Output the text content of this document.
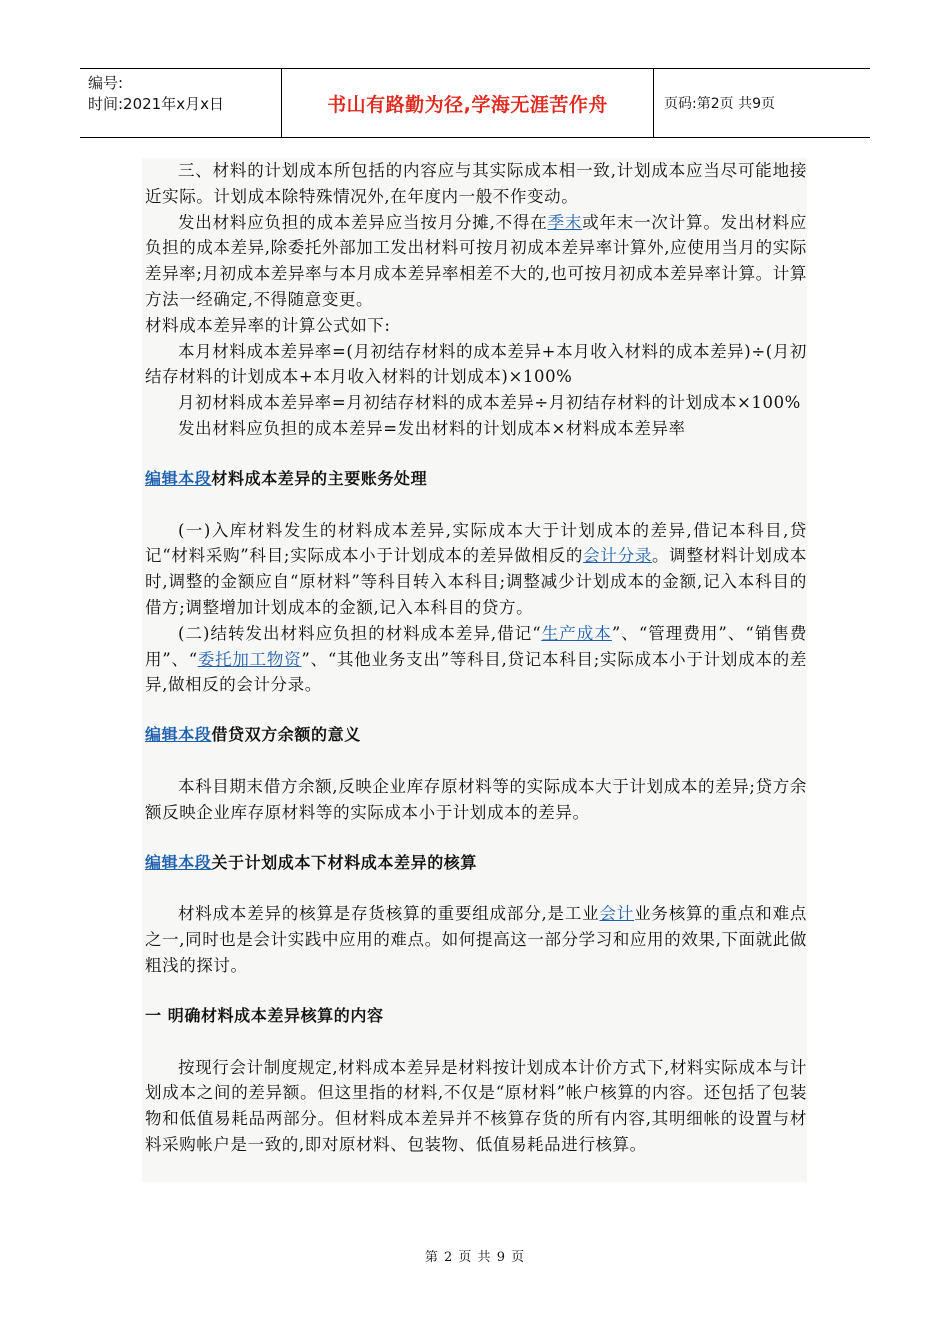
编号:
时间:2021年x月x日	书山有路勤为径,学海无涯苦作舟	页码:第2页 共9页

三、材料的计划成本所包括的内容应与其实际成本相一致,计划成本应当尽可能地接近实际。计划成本除特殊情况外,在年度内一般不作变动。

发出材料应负担的成本差异应当按月分摊,不得在季末或年末一次计算。发出材料应负担的成本差异,除委托外部加工发出材料可按月初成本差异率计算外,应使用当月的实际差异率;月初成本差异率与本月成本差异率相差不大的,也可按月初成本差异率计算。计算方法一经确定,不得随意变更。

材料成本差异率的计算公式如下:

本月材料成本差异率=(月初结存材料的成本差异+本月收入材料的成本差异)÷(月初结存材料的计划成本+本月收入材料的计划成本)×100%

月初材料成本差异率=月初结存材料的成本差异÷月初结存材料的计划成本×100%

发出材料应负担的成本差异=发出材料的计划成本×材料成本差异率

编辑本段材料成本差异的主要账务处理

(一)入库材料发生的材料成本差异,实际成本大于计划成本的差异,借记本科目,贷记“材料采购”科目;实际成本小于计划成本的差异做相反的会计分录。调整材料计划成本时,调整的金额应自“原材料”等科目转入本科目;调整减少计划成本的金额,记入本科目的借方;调整增加计划成本的金额,记入本科目的贷方。

(二)结转发出材料应负担的材料成本差异,借记“生产成本”、“管理费用”、“销售费用”、“委托加工物资”、“其他业务支出”等科目,贷记本科目;实际成本小于计划成本的差异,做相反的会计分录。

编辑本段借贷双方余额的意义

本科目期末借方余额,反映企业库存原材料等的实际成本大于计划成本的差异;贷方余额反映企业库存原材料等的实际成本小于计划成本的差异。

编辑本段关于计划成本下材料成本差异的核算

材料成本差异的核算是存货核算的重要组成部分,是工业会计业务核算的重点和难点之一,同时也是会计实践中应用的难点。如何提高这一部分学习和应用的效果,下面就此做粗浅的探讨。

一 明确材料成本差异核算的内容

按现行会计制度规定,材料成本差异是材料按计划成本计价方式下,材料实际成本与计划成本之间的差异额。但这里指的材料,不仅是“原材料”帐户核算的内容。还包括了包装物和低值易耗品两部分。但材料成本差异并不核算存货的所有内容,其明细帐的设置与材料采购帐户是一致的,即对原材料、包装物、低值易耗品进行核算。

第 2 页 共 9 页
